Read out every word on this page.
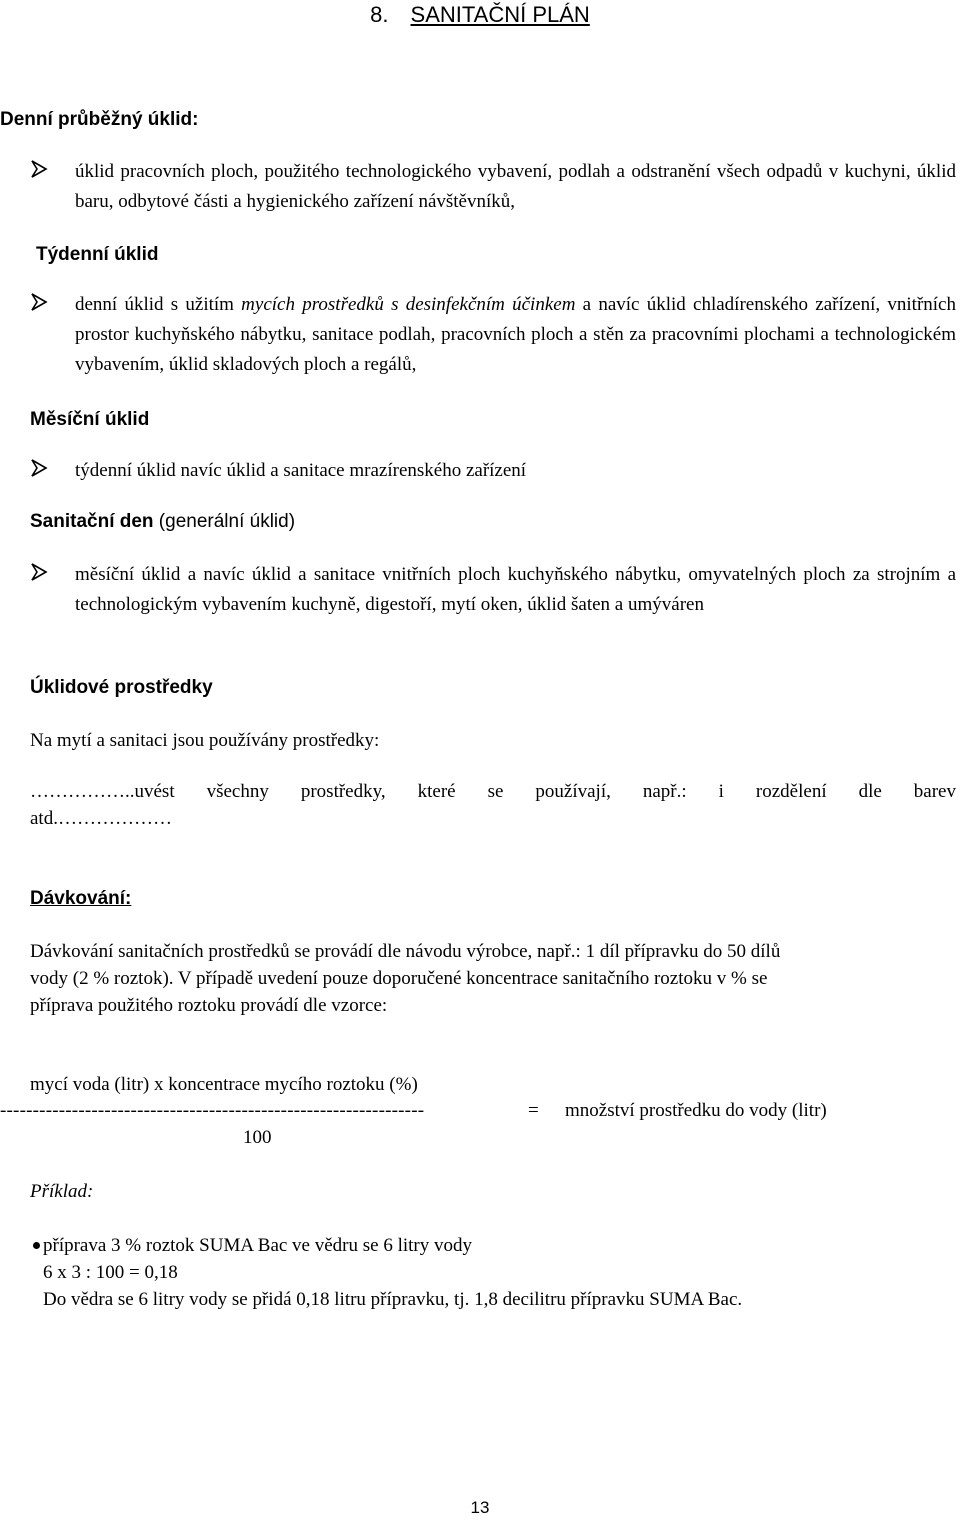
8. SANITAČNÍ PLÁN
Denní průběžný úklid:
úklid pracovních ploch, použitého technologického vybavení, podlah a odstranění všech odpadů v kuchyni, úklid baru, odbytové části a hygienického zařízení návštěvníků,
Týdenní úklid
denní úklid s užitím mycích prostředků s desinfekčním účinkem a navíc úklid chladírenského zařízení, vnitřních prostor kuchyňského nábytku, sanitace podlah, pracovních ploch a stěn za pracovními plochami a technologickém vybavením, úklid skladových ploch a regálů,
Měsíční úklid
týdenní úklid navíc úklid a sanitace mrazírenského zařízení
Sanitační den (generální úklid)
měsíční úklid a navíc úklid a sanitace vnitřních ploch kuchyňského nábytku, omyvatelných ploch za strojním a technologickým vybavením kuchyně, digestoří, mytí oken, úklid šaten a umýváren
Úklidové prostředky
Na mytí a sanitaci jsou používány prostředky:
……………..uvést všechny prostředky, které se používají, např.: i rozdělení dle barev
atd.………………
Dávkování:
Dávkování sanitačních prostředků se provádí dle návodu výrobce, např.: 1 díl přípravku do 50 dílů
vody (2 % roztok). V případě uvedení pouze doporučené koncentrace sanitačního roztoku v % se
příprava použitého roztoku provádí dle vzorce:
mycí voda (litr) x koncentrace mycího roztoku (%)
-----------------------------------------------------------------	= množství prostředku do vody (litr)
100
Příklad:
příprava 3 % roztok SUMA Bac ve vědru se 6 litry vody
6 x 3 : 100 = 0,18
Do vědra se 6 litry vody se přidá 0,18 litru přípravku, tj. 1,8 decilitru přípravku SUMA Bac.
13
